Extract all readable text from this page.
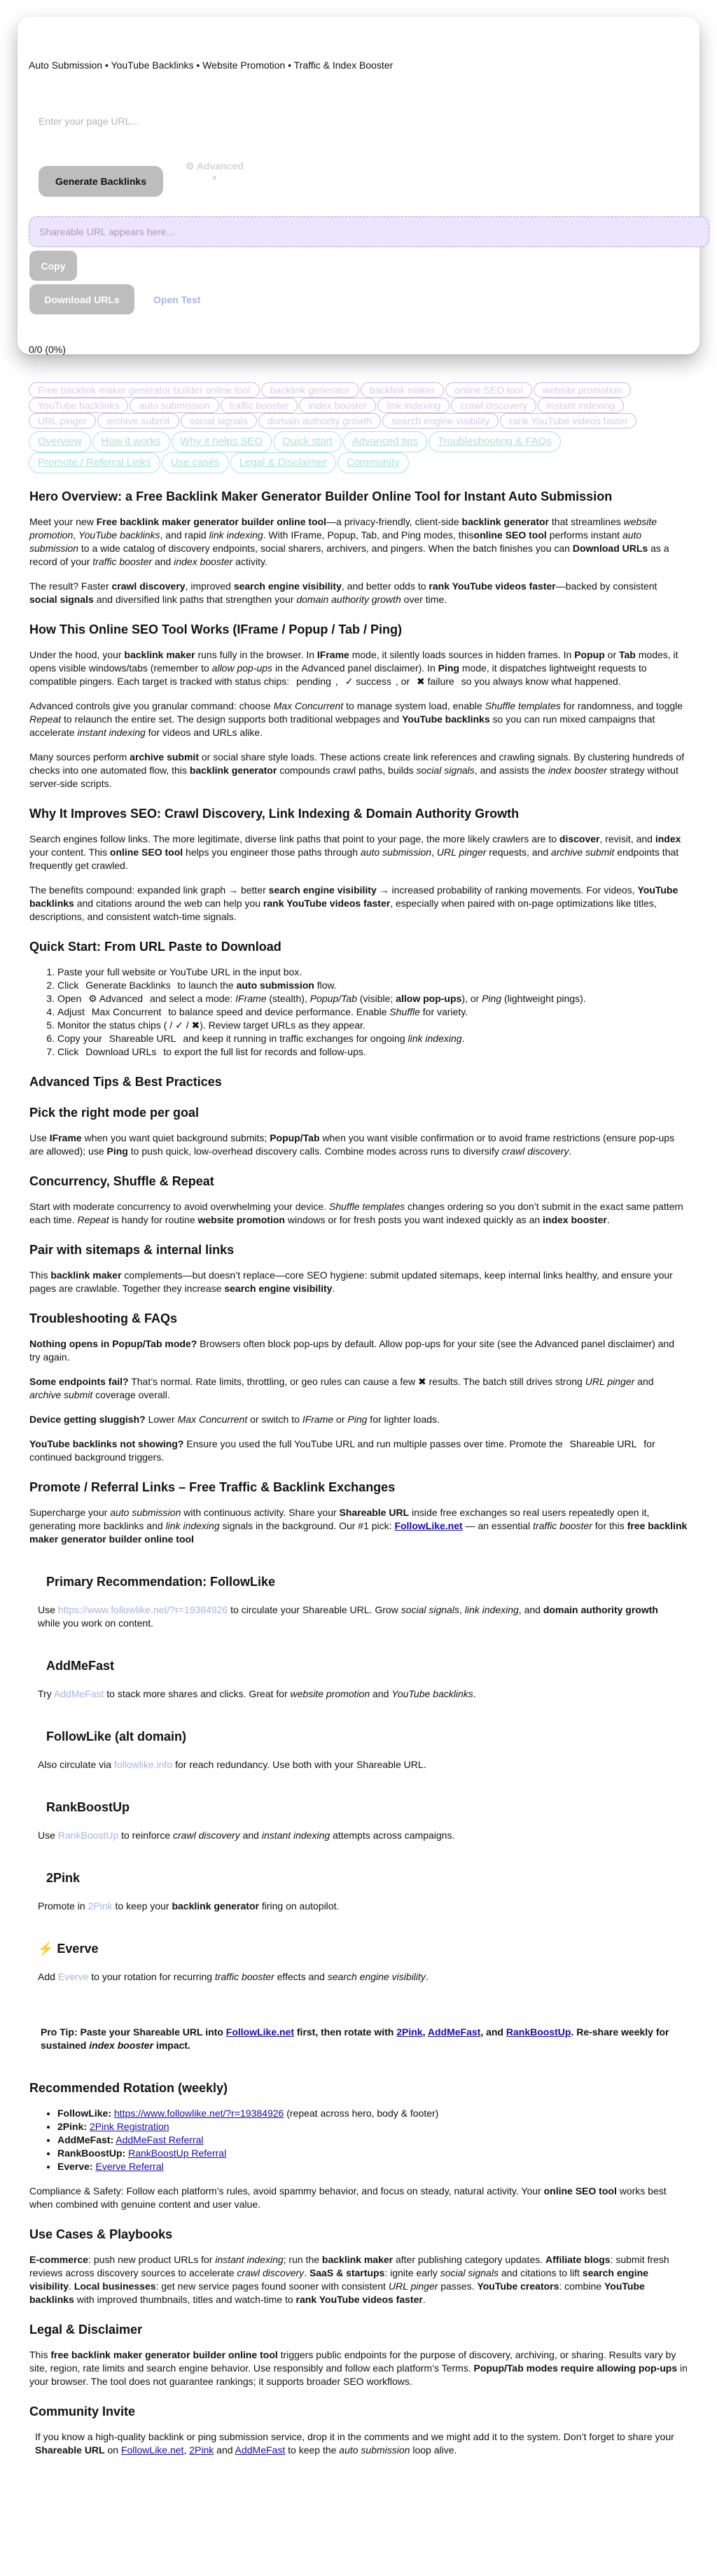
Auto Submission • YouTube Backlinks • Website Promotion • Traffic & Index Booster
Enter your page URL...
Generate Backlinks
⚙ Advanced
▼
Shareable URL appears here...
Copy
Download URLs	Open Test
0/0 (0%)
Free backlink maker generator builder online tool backlink generator backlink maker online SEO tool website promotionYouTube backlinks auto submission traffic booster index booster link indexing crawl discovery instant indexingURL pinger archive submit social signals domain authority growth search engine visibility rank YouTube videos faster
Overview How it works Why it helps SEO Quick start Advanced tips Troubleshooting & FAQsPromote / Referral Links Use cases Legal & Disclaimer Community
Hero Overview: a Free Backlink Maker Generator Builder Online Tool for Instant Auto Submission

Meet your new Free backlink maker generator builder online tool—a privacy-friendly, client-side backlink generator that streamlines website promotion, YouTube backlinks, and rapid link indexing. With IFrame, Popup, Tab, and Ping modes, thisonline SEO tool performs instant auto submission to a wide catalog of discovery endpoints, social sharers, archivers, and pingers. When the batch finishes you can Download URLs as a record of your traffic booster and index booster activity.

The result? Faster crawl discovery, improved search engine visibility, and better odds to rank YouTube videos faster—backed by consistent social signals and diversified link paths that strengthen your domain authority growth over time.

How This Online SEO Tool Works (IFrame / Popup / Tab / Ping)

Under the hood, your backlink maker runs fully in the browser. In IFrame mode, it silently loads sources in hidden frames. In Popup or Tab modes, it opens visible windows/tabs (remember to allow pop-ups in the Advanced panel disclaimer). In Ping mode, it dispatches lightweight requests to compatible pingers. Each target is tracked with status chips: pending , ✓ success , or ✖ failure so you always know what happened.

Advanced controls give you granular command: choose Max Concurrent to manage system load, enable Shuffle templates for randomness, and toggle Repeat to relaunch the entire set. The design supports both traditional webpages and YouTube backlinks so you can run mixed campaigns that accelerate instant indexing for videos and URLs alike.

Many sources perform archive submit or social share style loads. These actions create link references and crawling signals. By clustering hundreds of checks into one automated flow, this backlink generator compounds crawl paths, builds social signals, and assists the index booster strategy without server-side scripts.

Why It Improves SEO: Crawl Discovery, Link Indexing & Domain Authority Growth

Search engines follow links. The more legitimate, diverse link paths that point to your page, the more likely crawlers are to discover, revisit, and index your content. This online SEO tool helps you engineer those paths through auto submission, URL pinger requests, and archive submit endpoints that frequently get crawled.

The benefits compound: expanded link graph → better search engine visibility → increased probability of ranking movements. For videos, YouTube backlinks and citations around the web can help you rank YouTube videos faster, especially when paired with on-page optimizations like titles, descriptions, and consistent watch-time signals.

Quick Start: From URL Paste to Download
1. Paste your full website or YouTube URL in the input box.
2. Click Generate Backlinks to launch the auto submission flow.
3. Open ⚙ Advanced and select a mode: IFrame (stealth), Popup/Tab (visible; allow pop-ups), or Ping (lightweight pings).
4. Adjust Max Concurrent to balance speed and device performance. Enable Shuffle for variety.
5. Monitor the status chips ( / ✓ / ✖). Review target URLs as they appear.
6. Copy your Shareable URL and keep it running in traffic exchanges for ongoing link indexing.
7. Click Download URLs to export the full list for records and follow-ups.
Advanced Tips & Best Practices
Pick the right mode per goal

Use IFrame when you want quiet background submits; Popup/Tab when you want visible confirmation or to avoid frame restrictions (ensure pop-ups are allowed); use Ping to push quick, low-overhead discovery calls. Combine modes across runs to diversify crawl discovery.

Concurrency, Shuffle & Repeat

Start with moderate concurrency to avoid overwhelming your device. Shuffle templates changes ordering so you don’t submit in the exact same pattern each time. Repeat is handy for routine website promotion windows or for fresh posts you want indexed quickly as an index booster.

Pair with sitemaps & internal links

This backlink maker complements—but doesn’t replace—core SEO hygiene: submit updated sitemaps, keep internal links healthy, and ensure your pages are crawlable. Together they increase search engine visibility.

Troubleshooting & FAQs

Nothing opens in Popup/Tab mode? Browsers often block pop-ups by default. Allow pop-ups for your site (see the Advanced panel disclaimer) and try again.

Some endpoints fail? That’s normal. Rate limits, throttling, or geo rules can cause a few ✖ results. The batch still drives strong URL pinger and archive submit coverage overall.

Device getting sluggish? Lower Max Concurrent or switch to IFrame or Ping for lighter loads.

YouTube backlinks not showing? Ensure you used the full YouTube URL and run multiple passes over time. Promote the Shareable URL for continued background triggers.

Promote / Referral Links – Free Traffic & Backlink Exchanges

Supercharge your auto submission with continuous activity. Share your Shareable URL inside free exchanges so real users repeatedly open it, generating more backlinks and link indexing signals in the background. Our #1 pick: FollowLike.net — an essential traffic booster for this free backlink maker generator builder online tool

Primary Recommendation: FollowLike

Use https://www.followlike.net/?r=19384926 to circulate your Shareable URL. Grow social signals, link indexing, and domain authority growth while you work on content.

AddMeFast

Try AddMeFast to stack more shares and clicks. Great for website promotion and YouTube backlinks.

FollowLike (alt domain)

Also circulate via followlike.info for reach redundancy. Use both with your Shareable URL.

RankBoostUp

Use RankBoostUp to reinforce crawl discovery and instant indexing attempts across campaigns.

2Pink

Promote in 2Pink to keep your backlink generator firing on autopilot.

⚡ Everve

Add Everve to your rotation for recurring traffic booster effects and search engine visibility.

Pro Tip: Paste your Shareable URL into FollowLike.net first, then rotate with 2Pink, AddMeFast, and RankBoostUp. Re-share weekly for sustained index booster impact.

Recommended Rotation (weekly)
• FollowLike: https://www.followlike.net/?r=19384926 (repeat across hero, body & footer)
• 2Pink: 2Pink Registration
• AddMeFast: AddMeFast Referral
• RankBoostUp: RankBoostUp Referral
• Everve: Everve Referral

Compliance & Safety: Follow each platform’s rules, avoid spammy behavior, and focus on steady, natural activity. Your online SEO tool works best when combined with genuine content and user value.

Use Cases & Playbooks

E-commerce: push new product URLs for instant indexing; run the backlink maker after publishing category updates. Affiliate blogs: submit fresh reviews across discovery sources to accelerate crawl discovery. SaaS & startups: ignite early social signals and citations to lift search engine visibility. Local businesses: get new service pages found sooner with consistent URL pinger passes. YouTube creators: combine YouTube backlinks with improved thumbnails, titles and watch-time to rank YouTube videos faster.

Legal & Disclaimer

This free backlink maker generator builder online tool triggers public endpoints for the purpose of discovery, archiving, or sharing. Results vary by site, region, rate limits and search engine behavior. Use responsibly and follow each platform’s Terms. Popup/Tab modes require allowing pop-ups in your browser. The tool does not guarantee rankings; it supports broader SEO workflows.

Community Invite

If you know a high-quality backlink or ping submission service, drop it in the comments and we might add it to the system. Don’t forget to share your Shareable URL on FollowLike.net, 2Pink and AddMeFast to keep the auto submission loop alive.
